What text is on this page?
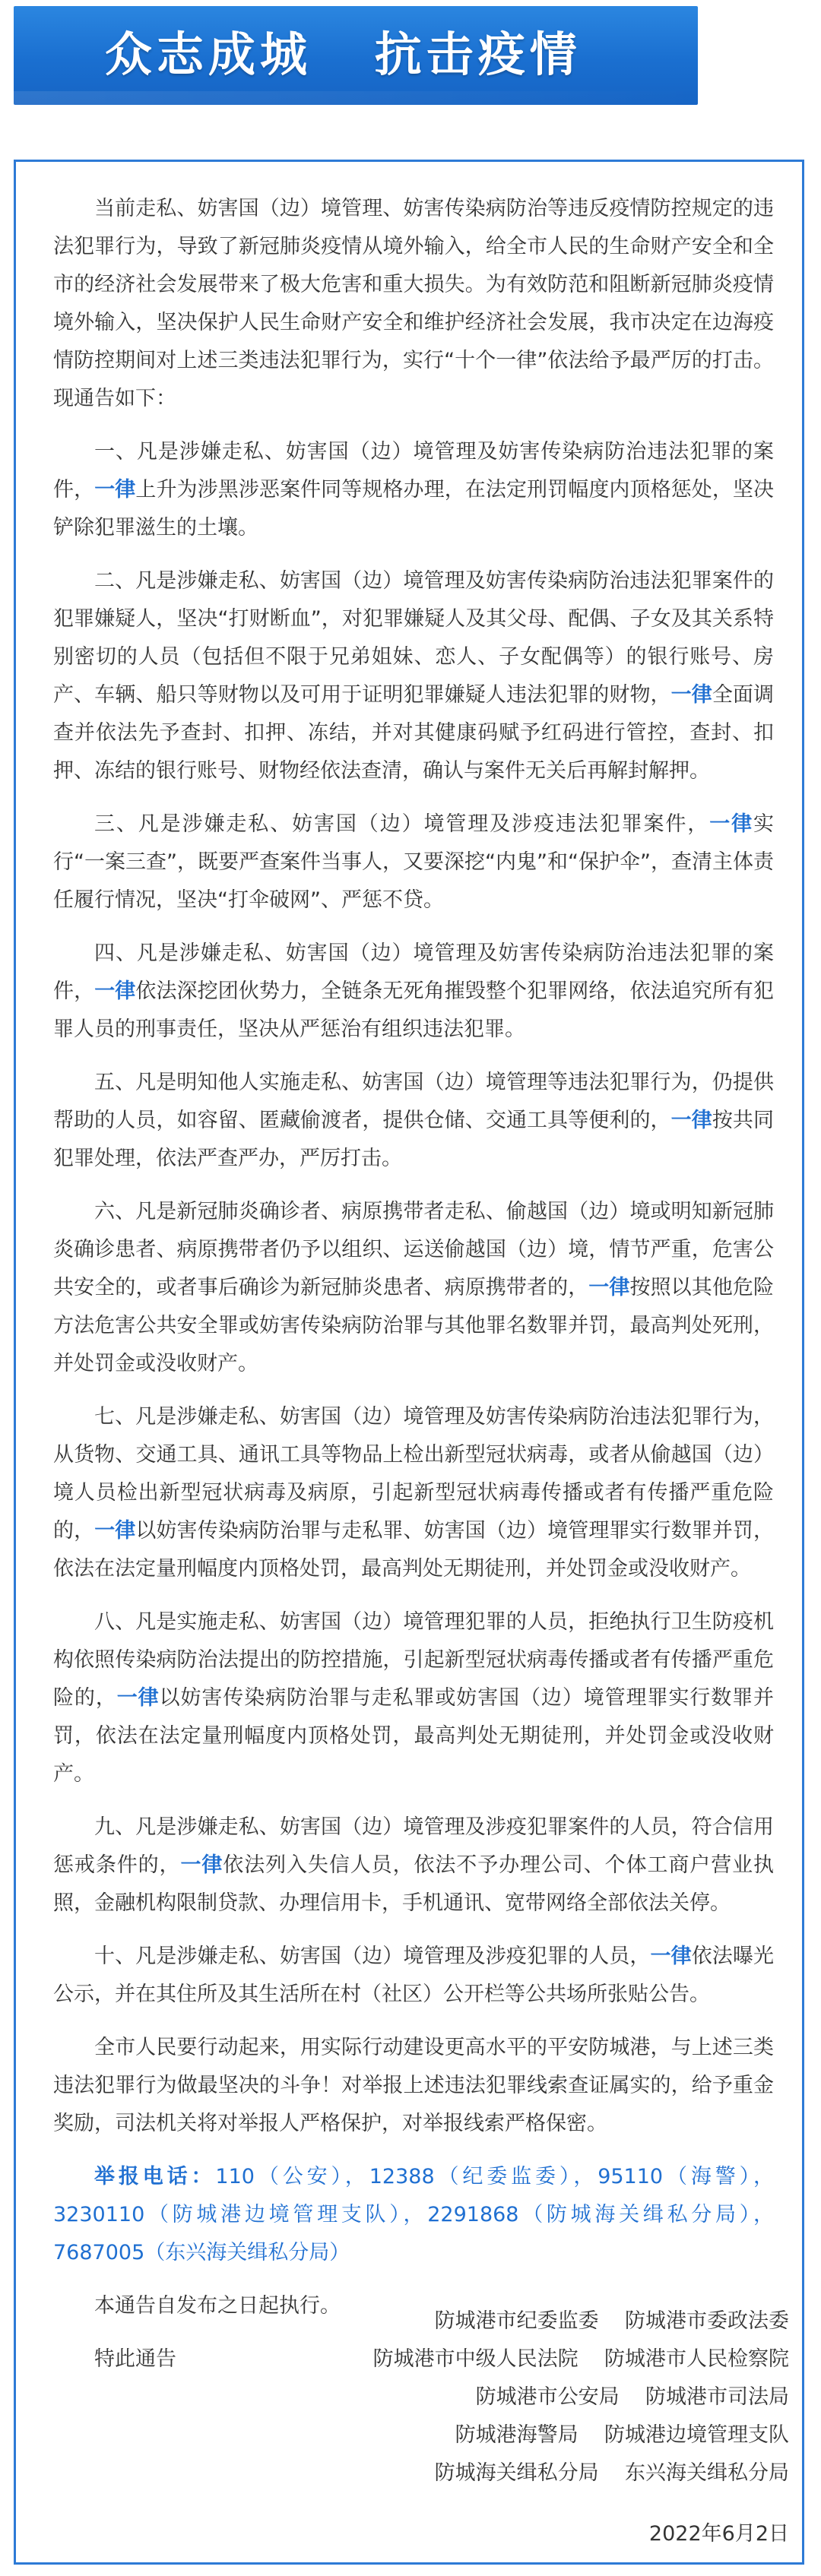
众志成城   抗击疫情

当前走私、妨害国（边）境管理、妨害传染病防治等违反疫情防控规定的违法犯罪行为，导致了新冠肺炎疫情从境外输入，给全市人民的生命财产安全和全市的经济社会发展带来了极大危害和重大损失。为有效防范和阻断新冠肺炎疫情境外输入，坚决保护人民生命财产安全和维护经济社会发展，我市决定在边海疫情防控期间对上述三类违法犯罪行为，实行“十个一律”依法给予最严厉的打击。现通告如下：

一、凡是涉嫌走私、妨害国（边）境管理及妨害传染病防治违法犯罪的案件，一律上升为涉黑涉恶案件同等规格办理，在法定刑罚幅度内顶格惩处，坚决铲除犯罪滋生的土壤。

二、凡是涉嫌走私、妨害国（边）境管理及妨害传染病防治违法犯罪案件的犯罪嫌疑人，坚决“打财断血”，对犯罪嫌疑人及其父母、配偶、子女及其关系特别密切的人员（包括但不限于兄弟姐妹、恋人、子女配偶等）的银行账号、房产、车辆、船只等财物以及可用于证明犯罪嫌疑人违法犯罪的财物，一律全面调查并依法先予查封、扣押、冻结，并对其健康码赋予红码进行管控，查封、扣押、冻结的银行账号、财物经依法查清，确认与案件无关后再解封解押。

三、凡是涉嫌走私、妨害国（边）境管理及涉疫违法犯罪案件，一律实行“一案三查”，既要严查案件当事人，又要深挖“内鬼”和“保护伞”，查清主体责任履行情况，坚决“打伞破网”、严惩不贷。

四、凡是涉嫌走私、妨害国（边）境管理及妨害传染病防治违法犯罪的案件，一律依法深挖团伙势力，全链条无死角摧毁整个犯罪网络，依法追究所有犯罪人员的刑事责任，坚决从严惩治有组织违法犯罪。

五、凡是明知他人实施走私、妨害国（边）境管理等违法犯罪行为，仍提供帮助的人员，如容留、匿藏偷渡者，提供仓储、交通工具等便利的，一律按共同犯罪处理，依法严查严办，严厉打击。

六、凡是新冠肺炎确诊者、病原携带者走私、偷越国（边）境或明知新冠肺炎确诊患者、病原携带者仍予以组织、运送偷越国（边）境，情节严重，危害公共安全的，或者事后确诊为新冠肺炎患者、病原携带者的，一律按照以其他危险方法危害公共安全罪或妨害传染病防治罪与其他罪名数罪并罚，最高判处死刑，并处罚金或没收财产。

七、凡是涉嫌走私、妨害国（边）境管理及妨害传染病防治违法犯罪行为，从货物、交通工具、通讯工具等物品上检出新型冠状病毒，或者从偷越国（边）境人员检出新型冠状病毒及病原，引起新型冠状病毒传播或者有传播严重危险的，一律以妨害传染病防治罪与走私罪、妨害国（边）境管理罪实行数罪并罚，依法在法定量刑幅度内顶格处罚，最高判处无期徒刑，并处罚金或没收财产。

八、凡是实施走私、妨害国（边）境管理犯罪的人员，拒绝执行卫生防疫机构依照传染病防治法提出的防控措施，引起新型冠状病毒传播或者有传播严重危险的，一律以妨害传染病防治罪与走私罪或妨害国（边）境管理罪实行数罪并罚，依法在法定量刑幅度内顶格处罚，最高判处无期徒刑，并处罚金或没收财产。

九、凡是涉嫌走私、妨害国（边）境管理及涉疫犯罪案件的人员，符合信用惩戒条件的，一律依法列入失信人员，依法不予办理公司、个体工商户营业执照，金融机构限制贷款、办理信用卡，手机通讯、宽带网络全部依法关停。

十、凡是涉嫌走私、妨害国（边）境管理及涉疫犯罪的人员，一律依法曝光公示，并在其住所及其生活所在村（社区）公开栏等公共场所张贴公告。

全市人民要行动起来，用实际行动建设更高水平的平安防城港，与上述三类违法犯罪行为做最坚决的斗争！对举报上述违法犯罪线索查证属实的，给予重金奖励，司法机关将对举报人严格保护，对举报线索严格保密。

举报电话：110（公安），12388（纪委监委），95110（海警），3230110（防城港边境管理支队），2291868（防城海关缉私分局），7687005（东兴海关缉私分局）

本通告自发布之日起执行。

特此通告

防城港市纪委监委    防城港市委政法委
防城港市中级人民法院    防城港市人民检察院
防城港市公安局    防城港市司法局
防城港海警局    防城港边境管理支队
防城海关缉私分局    东兴海关缉私分局
2022年6月2日
